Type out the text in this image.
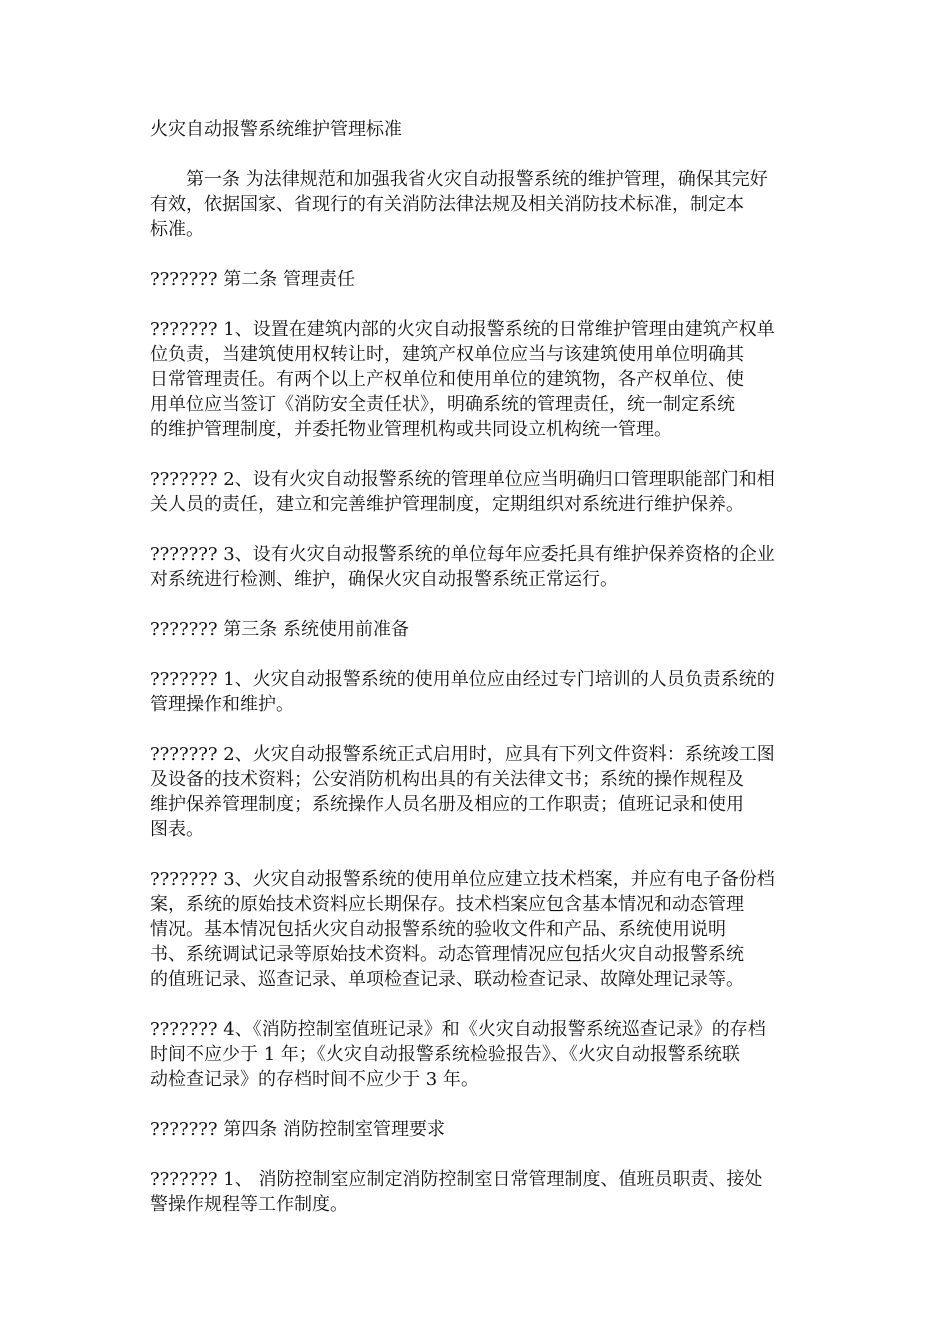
火灾自动报警系统维护管理标准
第一条 为法律规范和加强我省火灾自动报警系统的维护管理，确保其完好
有效，依据国家、省现行的有关消防法律法规及相关消防技术标准，制定本
标准。
??????? 第二条 管理责任
??????? 1、设置在建筑内部的火灾自动报警系统的日常维护管理由建筑产权单
位负责，当建筑使用权转让时，建筑产权单位应当与该建筑使用单位明确其
日常管理责任。有两个以上产权单位和使用单位的建筑物，各产权单位、使
用单位应当签订《消防安全责任状》，明确系统的管理责任，统一制定系统
的维护管理制度，并委托物业管理机构或共同设立机构统一管理。
??????? 2、设有火灾自动报警系统的管理单位应当明确归口管理职能部门和相
关人员的责任，建立和完善维护管理制度，定期组织对系统进行维护保养。
??????? 3、设有火灾自动报警系统的单位每年应委托具有维护保养资格的企业
对系统进行检测、维护，确保火灾自动报警系统正常运行。
??????? 第三条 系统使用前准备
??????? 1、火灾自动报警系统的使用单位应由经过专门培训的人员负责系统的
管理操作和维护。
??????? 2、火灾自动报警系统正式启用时，应具有下列文件资料：系统竣工图
及设备的技术资料；公安消防机构出具的有关法律文书；系统的操作规程及
维护保养管理制度；系统操作人员名册及相应的工作职责；值班记录和使用
图表。
??????? 3、火灾自动报警系统的使用单位应建立技术档案，并应有电子备份档
案，系统的原始技术资料应长期保存。技术档案应包含基本情况和动态管理
情况。基本情况包括火灾自动报警系统的验收文件和产品、系统使用说明
书、系统调试记录等原始技术资料。动态管理情况应包括火灾自动报警系统
的值班记录、巡查记录、单项检查记录、联动检查记录、故障处理记录等。
??????? 4、《消防控制室值班记录》和《火灾自动报警系统巡查记录》的存档
时间不应少于 1 年；《火灾自动报警系统检验报告》、《火灾自动报警系统联
动检查记录》的存档时间不应少于 3 年。
??????? 第四条 消防控制室管理要求
??????? 1、 消防控制室应制定消防控制室日常管理制度、值班员职责、接处
警操作规程等工作制度。
